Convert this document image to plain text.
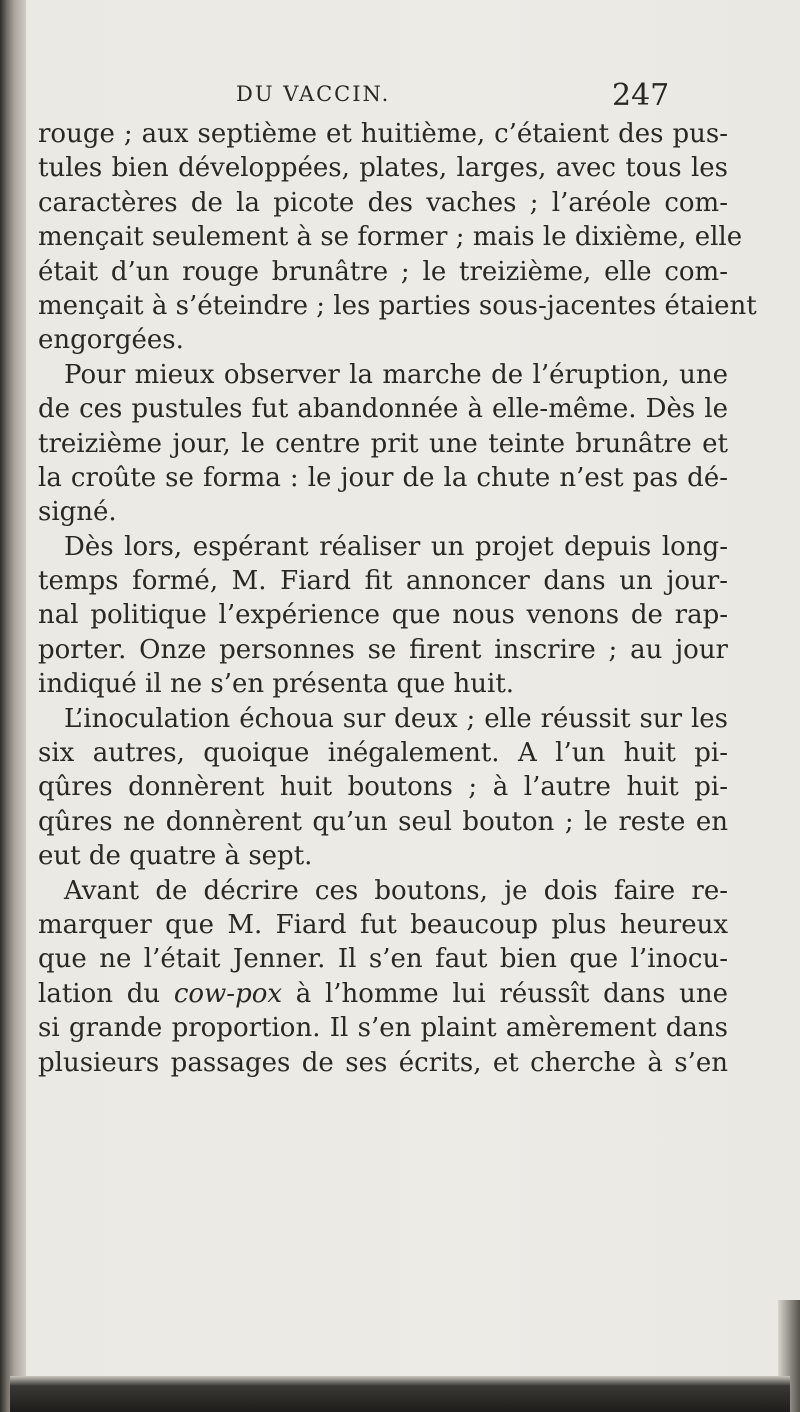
DU VACCIN.	247
rouge ; aux septième et huitième, c’étaient des pus-
tules bien développées, plates, larges, avec tous les
caractères de la picote des vaches ; l’aréole com-
mençait seulement à se former ; mais le dixième, elle
était d’un rouge brunâtre ; le treizième, elle com-
mençait à s’éteindre ; les parties sous-jacentes étaient
engorgées.
Pour mieux observer la marche de l’éruption, une
de ces pustules fut abandonnée à elle-même. Dès le
treizième jour, le centre prit une teinte brunâtre et
la croûte se forma : le jour de la chute n’est pas dé-
signé.
Dès lors, espérant réaliser un projet depuis long-
temps formé, M. Fiard fit annoncer dans un jour-
nal politique l’expérience que nous venons de rap-
porter. Onze personnes se firent inscrire ; au jour
indiqué il ne s’en présenta que huit.
L’inoculation échoua sur deux ; elle réussit sur les
six autres, quoique inégalement. A l’un huit pi-
qûres donnèrent huit boutons ; à l’autre huit pi-
qûres ne donnèrent qu’un seul bouton ; le reste en
eut de quatre à sept.
Avant de décrire ces boutons, je dois faire re-
marquer que M. Fiard fut beaucoup plus heureux
que ne l’était Jenner. Il s’en faut bien que l’inocu-
lation du cow-pox à l’homme lui réussît dans une
si grande proportion. Il s’en plaint amèrement dans
plusieurs passages de ses écrits, et cherche à s’en
